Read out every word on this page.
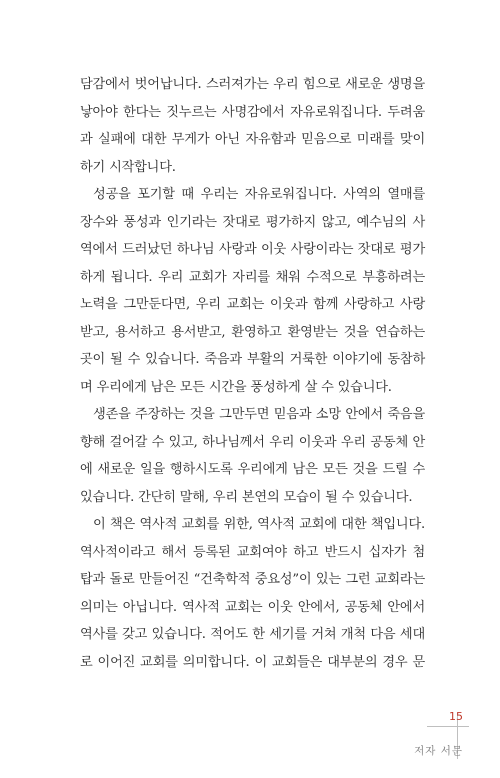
담감에서 벗어납니다. 스러져가는 우리 힘으로 새로운 생명을
낳아야 한다는 짓누르는 사명감에서 자유로워집니다. 두려움
과 실패에 대한 무게가 아닌 자유함과 믿음으로 미래를 맞이
하기 시작합니다.
성공을 포기할 때 우리는 자유로워집니다. 사역의 열매를
장수와 풍성과 인기라는 잣대로 평가하지 않고, 예수님의 사
역에서 드러났던 하나님 사랑과 이웃 사랑이라는 잣대로 평가
하게 됩니다. 우리 교회가 자리를 채워 수적으로 부흥하려는
노력을 그만둔다면, 우리 교회는 이웃과 함께 사랑하고 사랑
받고, 용서하고 용서받고, 환영하고 환영받는 것을 연습하는
곳이 될 수 있습니다. 죽음과 부활의 거룩한 이야기에 동참하
며 우리에게 남은 모든 시간을 풍성하게 살 수 있습니다.
생존을 주장하는 것을 그만두면 믿음과 소망 안에서 죽음을
향해 걸어갈 수 있고, 하나님께서 우리 이웃과 우리 공동체 안
에 새로운 일을 행하시도록 우리에게 남은 모든 것을 드릴 수
있습니다. 간단히 말해, 우리 본연의 모습이 될 수 있습니다.
이 책은 역사적 교회를 위한, 역사적 교회에 대한 책입니다.
역사적이라고 해서 등록된 교회여야 하고 반드시 십자가 첨
탑과 돌로 만들어진 “건축학적 중요성”이 있는 그런 교회라는
의미는 아닙니다. 역사적 교회는 이웃 안에서, 공동체 안에서
역사를 갖고 있습니다. 적어도 한 세기를 거쳐 개척 다음 세대
로 이어진 교회를 의미합니다. 이 교회들은 대부분의 경우 문
15
저자 서문
